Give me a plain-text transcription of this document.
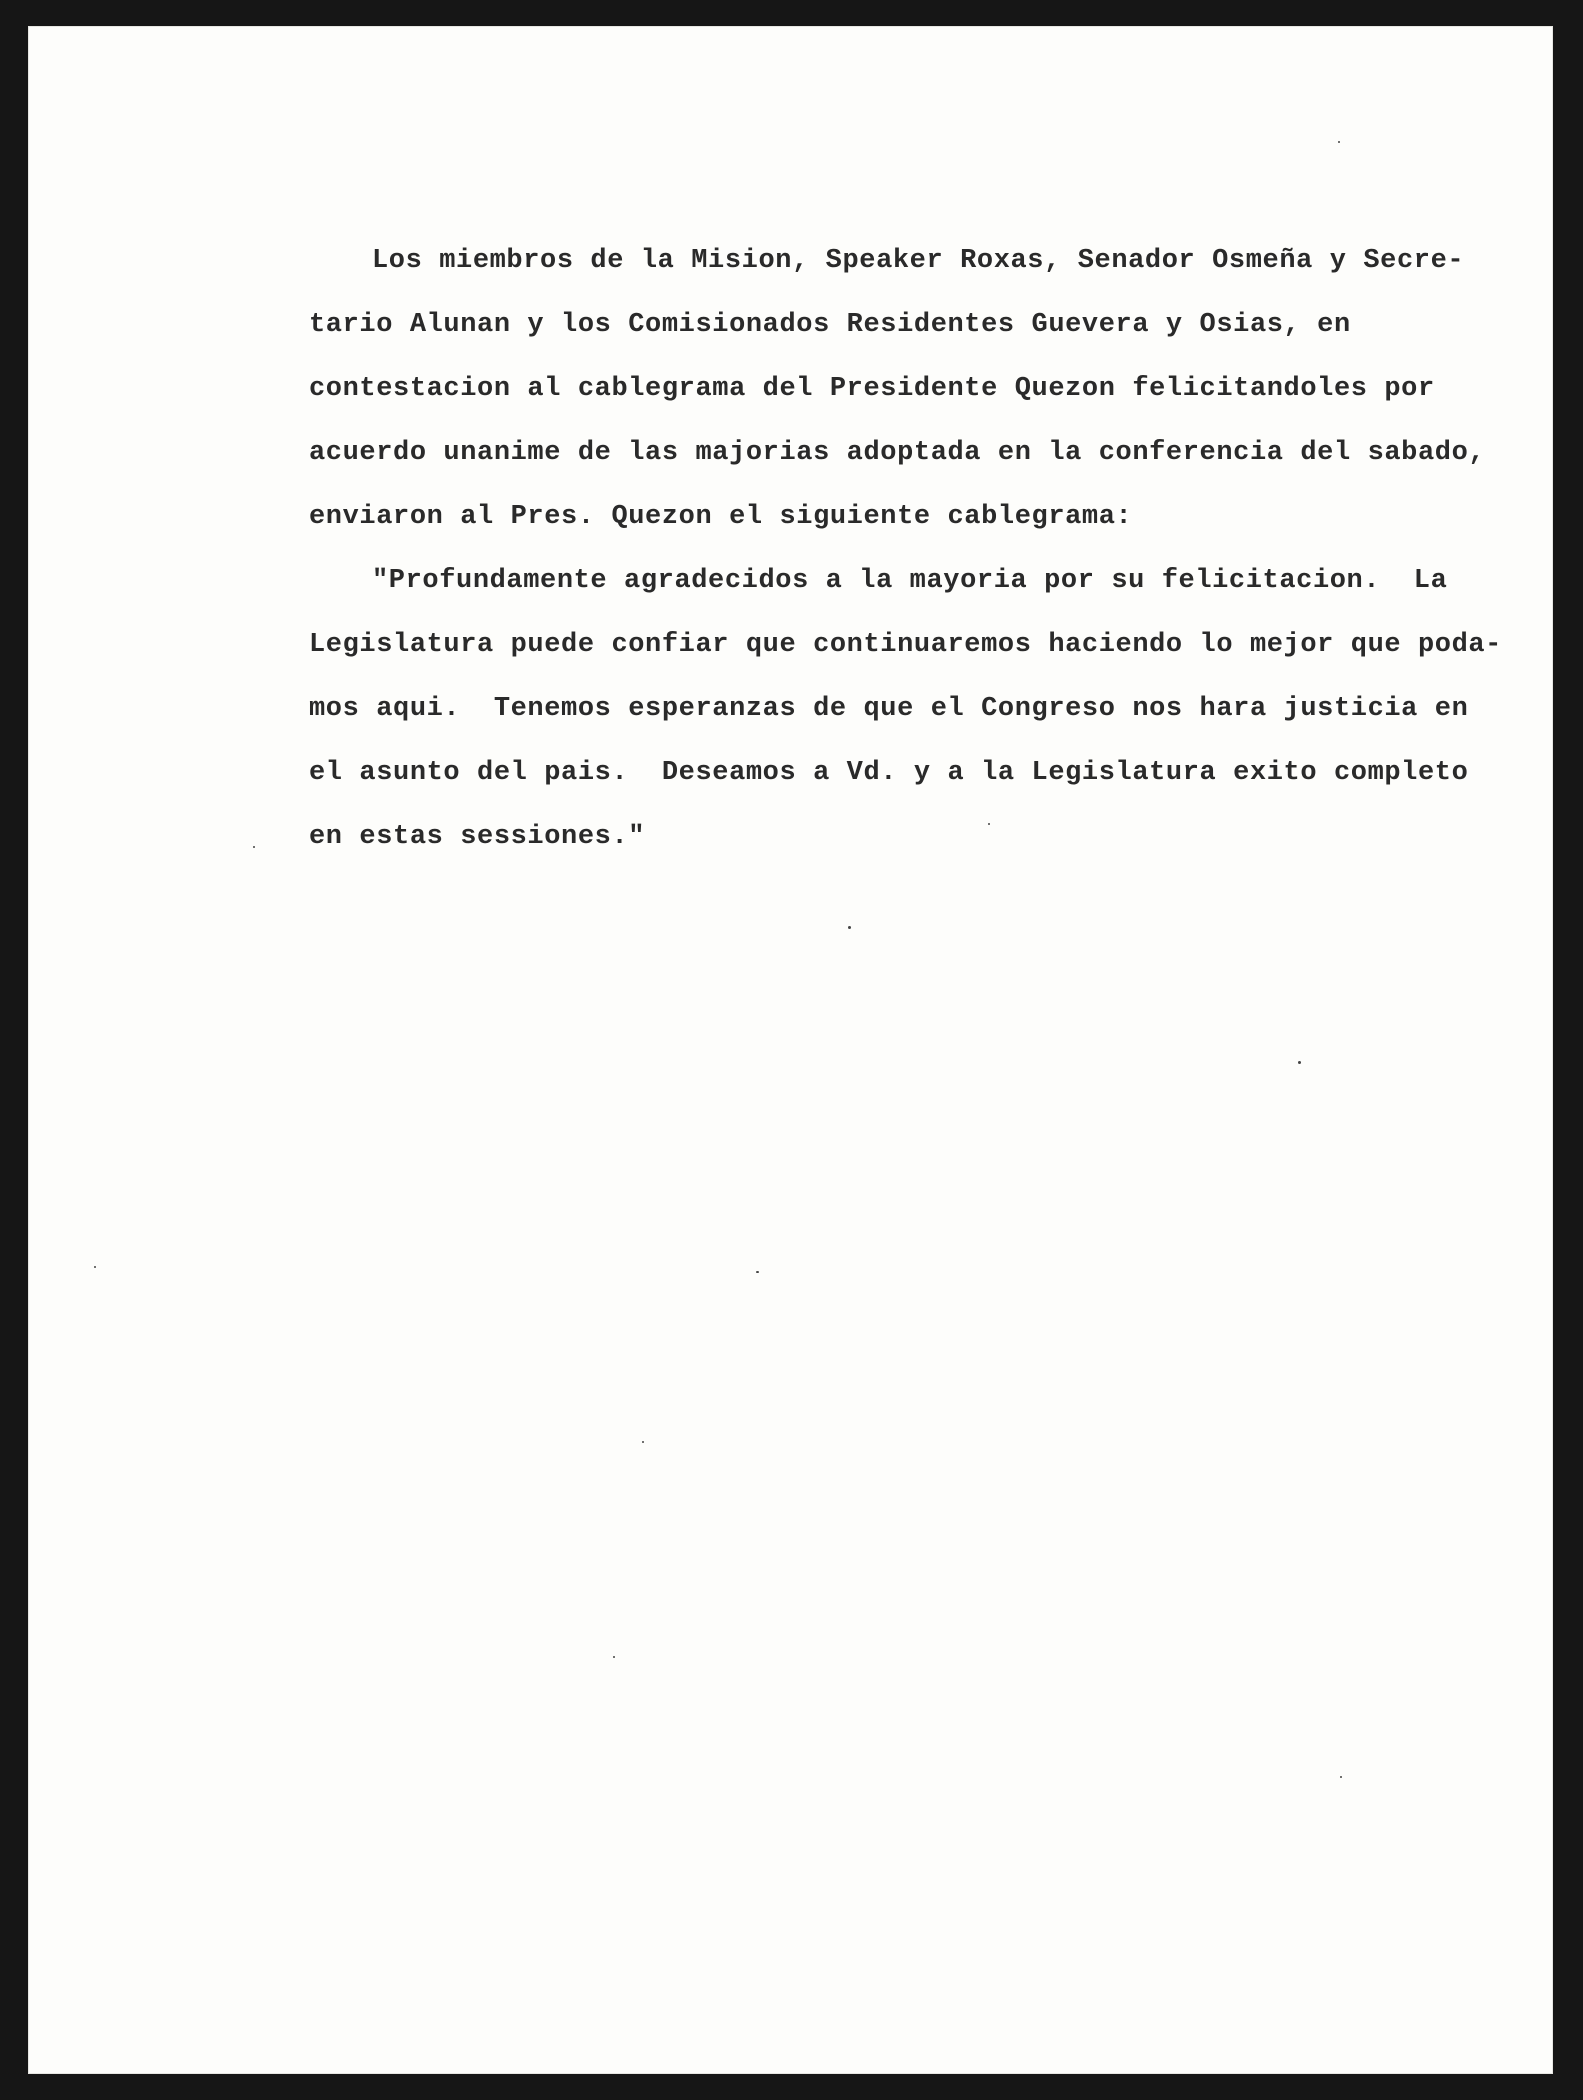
Los miembros de la Mision, Speaker Roxas, Senador Osmeña y Secre-
tario Alunan y los Comisionados Residentes Guevera y Osias, en
contestacion al cablegrama del Presidente Quezon felicitandoles por
acuerdo unanime de las majorias adoptada en la conferencia del sabado,
enviaron al Pres. Quezon el siguiente cablegrama:
"Profundamente agradecidos a la mayoria por su felicitacion.  La
Legislatura puede confiar que continuaremos haciendo lo mejor que poda-
mos aqui.  Tenemos esperanzas de que el Congreso nos hara justicia en
el asunto del pais.  Deseamos a Vd. y a la Legislatura exito completo
en estas sessiones."
